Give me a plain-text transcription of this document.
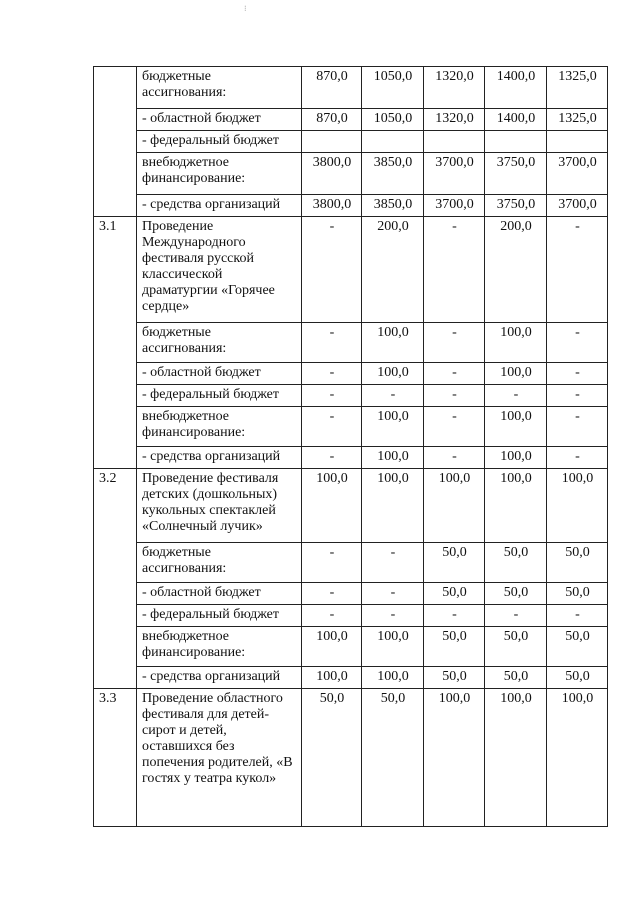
⁝
	бюджетные ассигнования:	870,0	1050,0	1320,0	1400,0	1325,0
	- областной бюджет	870,0	1050,0	1320,0	1400,0	1325,0
	- федеральный бюджет					
	внебюджетное финансирование:	3800,0	3850,0	3700,0	3750,0	3700,0
	- средства организаций	3800,0	3850,0	3700,0	3750,0	3700,0
3.1	Проведение Международного фестиваля русской классической драматургии «Горячее сердце»	-	200,0	-	200,0	-
	бюджетные ассигнования:	-	100,0	-	100,0	-
	- областной бюджет	-	100,0	-	100,0	-
	- федеральный бюджет	-	-	-	-	-
	внебюджетное финансирование:	-	100,0	-	100,0	-
	- средства организаций	-	100,0	-	100,0	-
3.2	Проведение фестиваля детских (дошкольных) кукольных спектаклей «Солнечный лучик»	100,0	100,0	100,0	100,0	100,0
	бюджетные ассигнования:	-	-	50,0	50,0	50,0
	- областной бюджет	-	-	50,0	50,0	50,0
	- федеральный бюджет	-	-	-	-	-
	внебюджетное финансирование:	100,0	100,0	50,0	50,0	50,0
	- средства организаций	100,0	100,0	50,0	50,0	50,0
3.3	Проведение областного фестиваля для детей-сирот и детей, оставшихся без попечения родителей, «В гостях у театра кукол»	50,0	50,0	100,0	100,0	100,0
